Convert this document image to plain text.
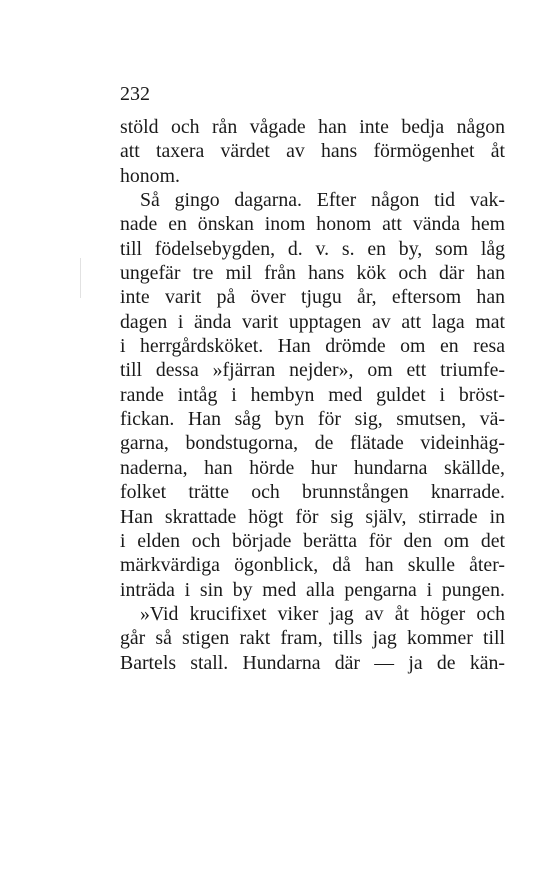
232
stöld och rån vågade han inte bedja någon
att taxera värdet av hans förmögenhet åt
honom.
Så gingo dagarna. Efter någon tid vak-
nade en önskan inom honom att vända hem
till födelsebygden, d. v. s. en by, som låg
ungefär tre mil från hans kök och där han
inte varit på över tjugu år, eftersom han
dagen i ända varit upptagen av att laga mat
i herrgårdsköket. Han drömde om en resa
till dessa »fjärran nejder», om ett triumfe-
rande intåg i hembyn med guldet i bröst-
fickan. Han såg byn för sig, smutsen, vä-
garna, bondstugorna, de flätade videinhäg-
naderna, han hörde hur hundarna skällde,
folket trätte och brunnstången knarrade.
Han skrattade högt för sig själv, stirrade in
i elden och började berätta för den om det
märkvärdiga ögonblick, då han skulle åter-
inträda i sin by med alla pengarna i pungen.
»Vid krucifixet viker jag av åt höger och
går så stigen rakt fram, tills jag kommer till
Bartels stall. Hundarna där — ja de kän-
